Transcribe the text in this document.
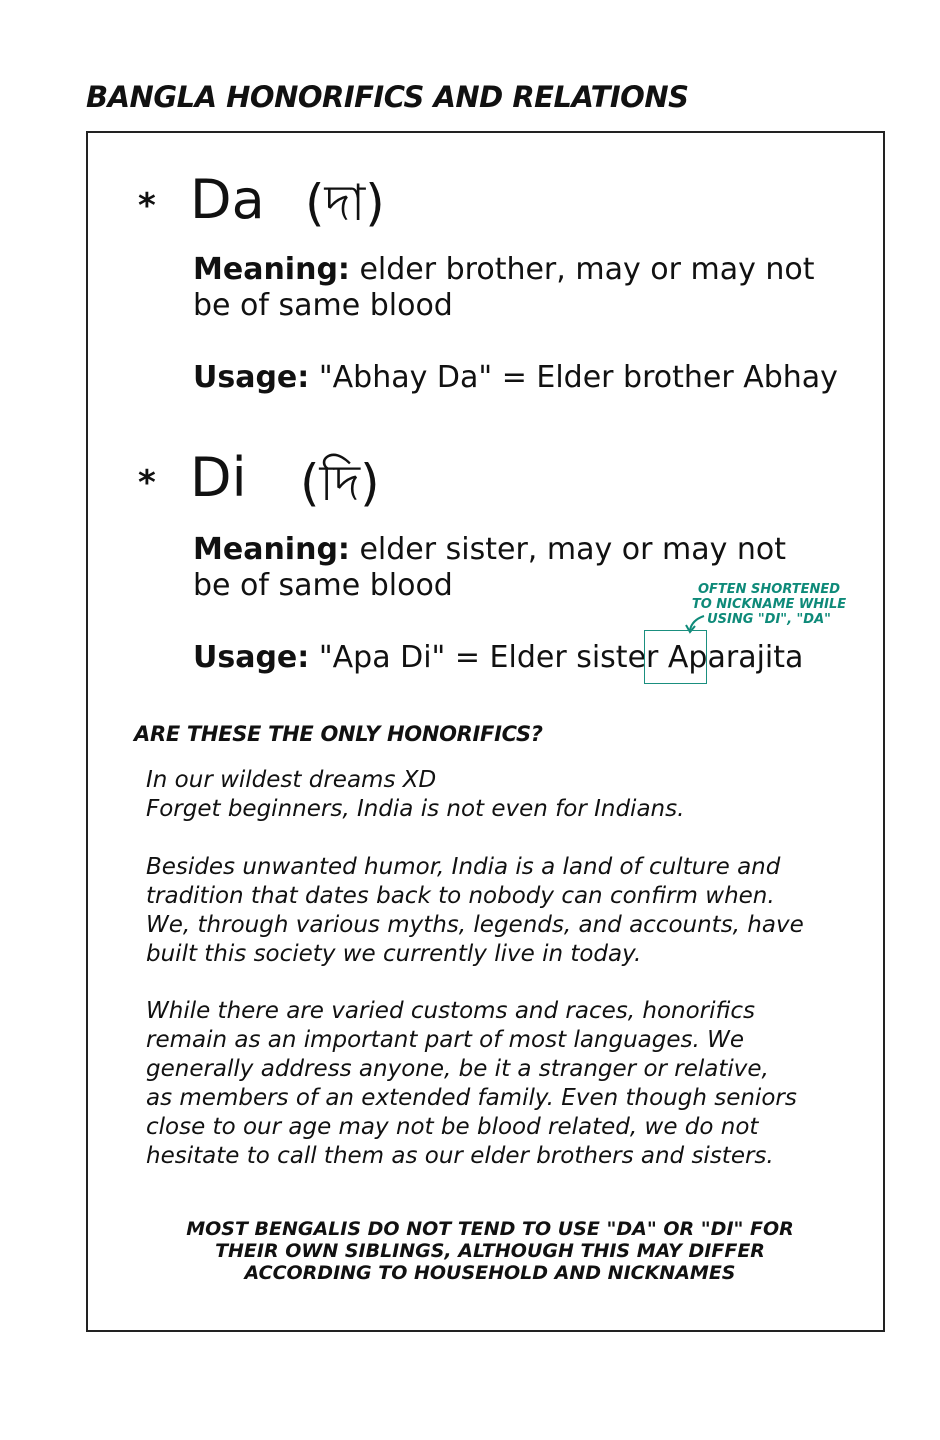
BANGLA HONORIFICS AND RELATIONS
* Da (দা)
Meaning: elder brother, may or may not
be of same blood
Usage: "Abhay Da" = Elder brother Abhay
* Di (দি)
Meaning: elder sister, may or may not
be of same blood
Usage: "Apa Di" = Elder sister Aparajita
OFTEN SHORTENED
TO NICKNAME WHILE
USING "DI", "DA"
ARE THESE THE ONLY HONORIFICS?
In our wildest dreams XD
Forget beginners, India is not even for Indians.
Besides unwanted humor, India is a land of culture and
tradition that dates back to nobody can confirm when.
We, through various myths, legends, and accounts, have
built this society we currently live in today.
While there are varied customs and races, honorifics
remain as an important part of most languages. We
generally address anyone, be it a stranger or relative,
as members of an extended family. Even though seniors
close to our age may not be blood related, we do not
hesitate to call them as our elder brothers and sisters.
MOST BENGALIS DO NOT TEND TO USE "DA" OR "DI" FOR
THEIR OWN SIBLINGS, ALTHOUGH THIS MAY DIFFER
ACCORDING TO HOUSEHOLD AND NICKNAMES
